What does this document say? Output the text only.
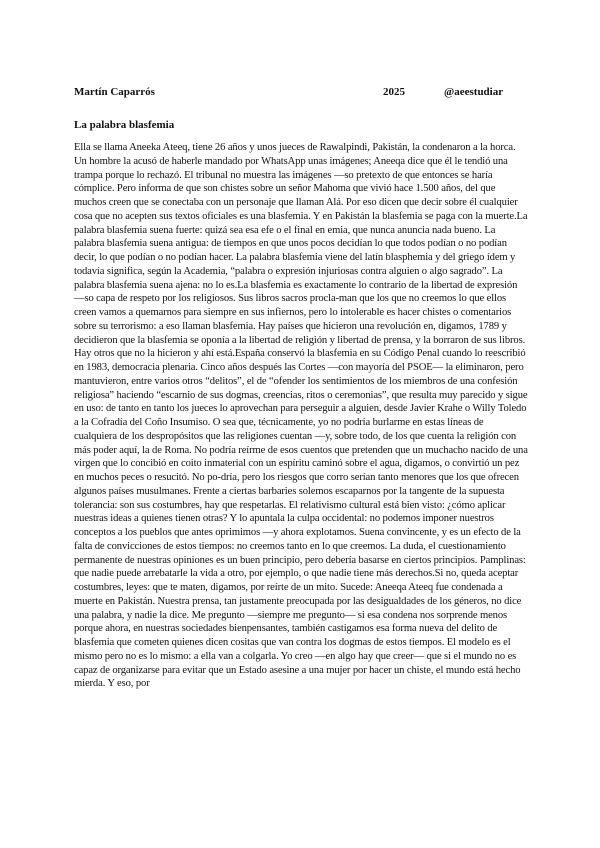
Martín Caparrós	2025	@aeestudiar
La palabra blasfemia

Ella se llama Aneeka Ateeq, tiene 26 años y unos jueces de Rawalpindi, Pakistán, la condenaron a la horca. Un hombre la acusó de haberle mandado por WhatsApp unas imágenes; Aneeqa dice que él le tendió una trampa porque lo rechazó. El tribunal no muestra las imágenes —so pretexto de que entonces se haría cómplice. Pero informa de que son chistes sobre un señor Mahoma que vivió hace 1.500 años, del que muchos creen que se conectaba con un personaje que llaman Alá. Por eso dicen que decir sobre él cualquier cosa que no acepten sus textos oficiales es una blasfemia. Y en Pakistán la blasfemia se paga con la muerte.La palabra blasfemia suena fuerte: quizá sea esa efe o el final en emia, que nunca anuncia nada bueno. La palabra blasfemia suena antigua: de tiempos en que unos pocos decidían lo que todos podían o no podían decir, lo que podían o no podían hacer. La palabra blasfemia viene del latín blasphemia y del griego ídem y todavía significa, según la Academia, “palabra o expresión injuriosas contra alguien o algo sagrado”. La palabra blasfemia suena ajena: no lo es.La blasfemia es exactamente lo contrario de la libertad de expresión —so capa de respeto por los religiosos. Sus libros sacros procla-man que los que no creemos lo que ellos creen vamos a quemarnos para siempre en sus infiernos, pero lo intolerable es hacer chistes o comentarios sobre su terrorismo: a eso llaman blasfemia. Hay países que hicieron una revolución en, digamos, 1789 y decidieron que la blasfemia se oponía a la libertad de religión y libertad de prensa, y la borraron de sus libros. Hay otros que no la hicieron y ahí está.España conservó la blasfemia en su Código Penal cuando lo reescribió en 1983, democracia plenaria. Cinco años después las Cortes —con mayoría del PSOE— la eliminaron, pero mantuvieron, entre varios otros “delitos”, el de “ofender los sentimientos de los miembros de una confesión religiosa” haciendo “escarnio de sus dogmas, creencias, ritos o ceremonias”, que resulta muy parecido y sigue en uso: de tanto en tanto los jueces lo aprovechan para perseguir a alguien, desde Javier Krahe o Willy Toledo a la Cofradía del Coño Insumiso. O sea que, técnicamente, yo no podría burlarme en estas líneas de cualquiera de los despropósitos que las religiones cuentan —y, sobre todo, de los que cuenta la religión con más poder aquí, la de Roma. No podría reírme de esos cuentos que pretenden que un muchacho nacido de una virgen que lo concibió en coito inmaterial con un espíritu caminó sobre el agua, digamos, o convirtió un pez en muchos peces o resucitó. No po-dría, pero los riesgos que corro serían tanto menores que los que ofrecen algunos países musulmanes. Frente a ciertas barbaries solemos escaparnos por la tangente de la supuesta tolerancia: son sus costumbres, hay que respetarlas. El relativismo cultural está bien visto: ¿cómo aplicar nuestras ideas a quienes tienen otras? Y lo apuntala la culpa occidental: no podemos imponer nuestros conceptos a los pueblos que antes oprimimos —y ahora explotamos. Suena convincente, y es un efecto de la falta de convicciones de estos tiempos: no creemos tanto en lo que creemos. La duda, el cuestionamiento permanente de nuestras opiniones es un buen principio, pero debería basarse en ciertos principios. Pamplinas: que nadie puede arrebatarle la vida a otro, por ejemplo, o que nadie tiene más derechos.Si no, queda aceptar costumbres, leyes: que te maten, digamos, por reírte de un mito. Sucede: Aneeqa Ateeq fue condenada a muerte en Pakistán. Nuestra prensa, tan justamente preocupada por las desigualdades de los géneros, no dice una palabra, y nadie la dice. Me pregunto —siempre me pregunto— si esa condena nos sorprende menos porque ahora, en nuestras sociedades bienpensantes, también castigamos esa forma nueva del delito de blasfemia que cometen quienes dicen cositas que van contra los dogmas de estos tiempos. El modelo es el mismo pero no es lo mismo: a ella van a colgarla. Yo creo —en algo hay que creer— que si el mundo no es capaz de organizarse para evitar que un Estado asesine a una mujer por hacer un chiste, el mundo está hecho mierda. Y eso, por
